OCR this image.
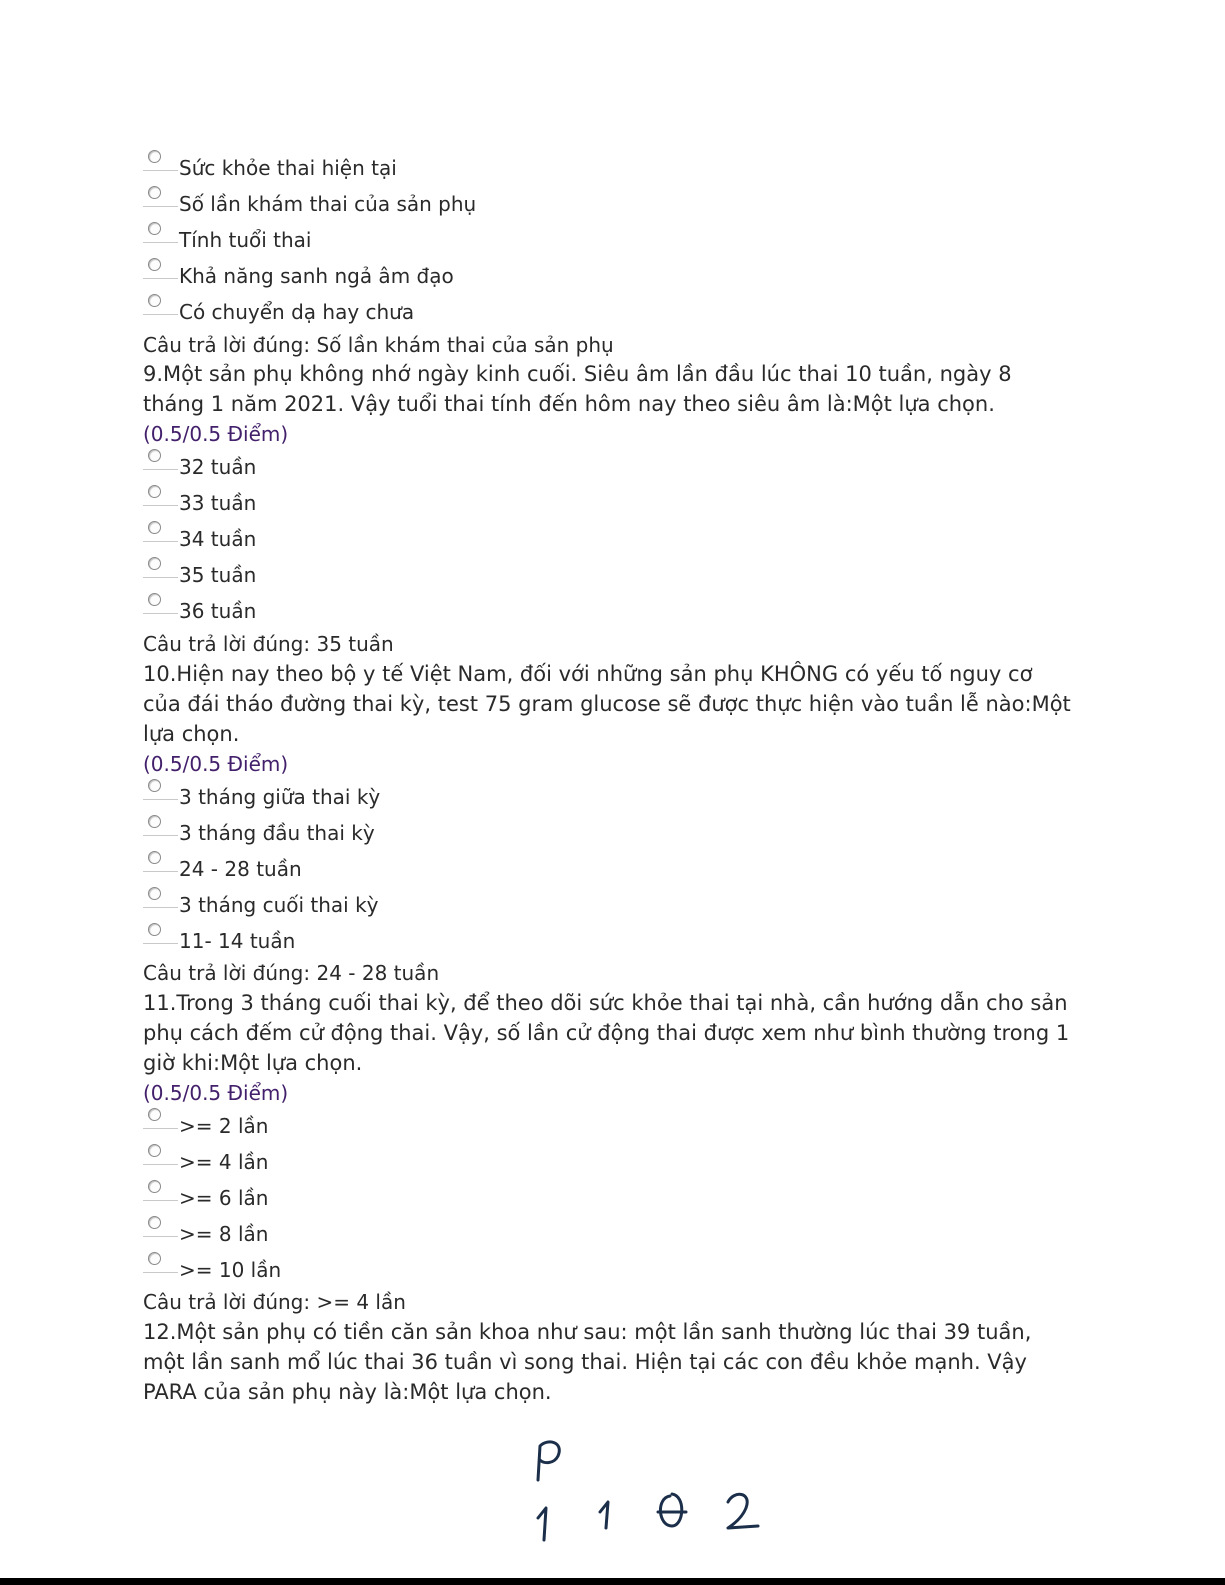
Sức khỏe thai hiện tại
Số lần khám thai của sản phụ
Tính tuổi thai
Khả năng sanh ngả âm đạo
Có chuyển dạ hay chưa
Câu trả lời đúng: Số lần khám thai của sản phụ
9.Một sản phụ không nhớ ngày kinh cuối. Siêu âm lần đầu lúc thai 10 tuần, ngày 8 tháng 1 năm 2021. Vậy tuổi thai tính đến hôm nay theo siêu âm là:Một lựa chọn.
(0.5/0.5 Điểm)
32 tuần
33 tuần
34 tuần
35 tuần
36 tuần
Câu trả lời đúng: 35 tuần
10.Hiện nay theo bộ y tế Việt Nam, đối với những sản phụ KHÔNG có yếu tố nguy cơ của đái tháo đường thai kỳ, test 75 gram glucose sẽ được thực hiện vào tuần lễ nào:Một lựa chọn.
(0.5/0.5 Điểm)
3 tháng giữa thai kỳ
3 tháng đầu thai kỳ
24 - 28 tuần
3 tháng cuối thai kỳ
11- 14 tuần
Câu trả lời đúng: 24 - 28 tuần
11.Trong 3 tháng cuối thai kỳ, để theo dõi sức khỏe thai tại nhà, cần hướng dẫn cho sản phụ cách đếm cử động thai. Vậy, số lần cử động thai được xem như bình thường trong 1 giờ khi:Một lựa chọn.
(0.5/0.5 Điểm)
>= 2 lần
>= 4 lần
>= 6 lần
>= 8 lần
>= 10 lần
Câu trả lời đúng: >= 4 lần
12.Một sản phụ có tiền căn sản khoa như sau: một lần sanh thường lúc thai 39 tuần, một lần sanh mổ lúc thai 36 tuần vì song thai. Hiện tại các con đều khỏe mạnh. Vậy PARA của sản phụ này là:Một lựa chọn.
